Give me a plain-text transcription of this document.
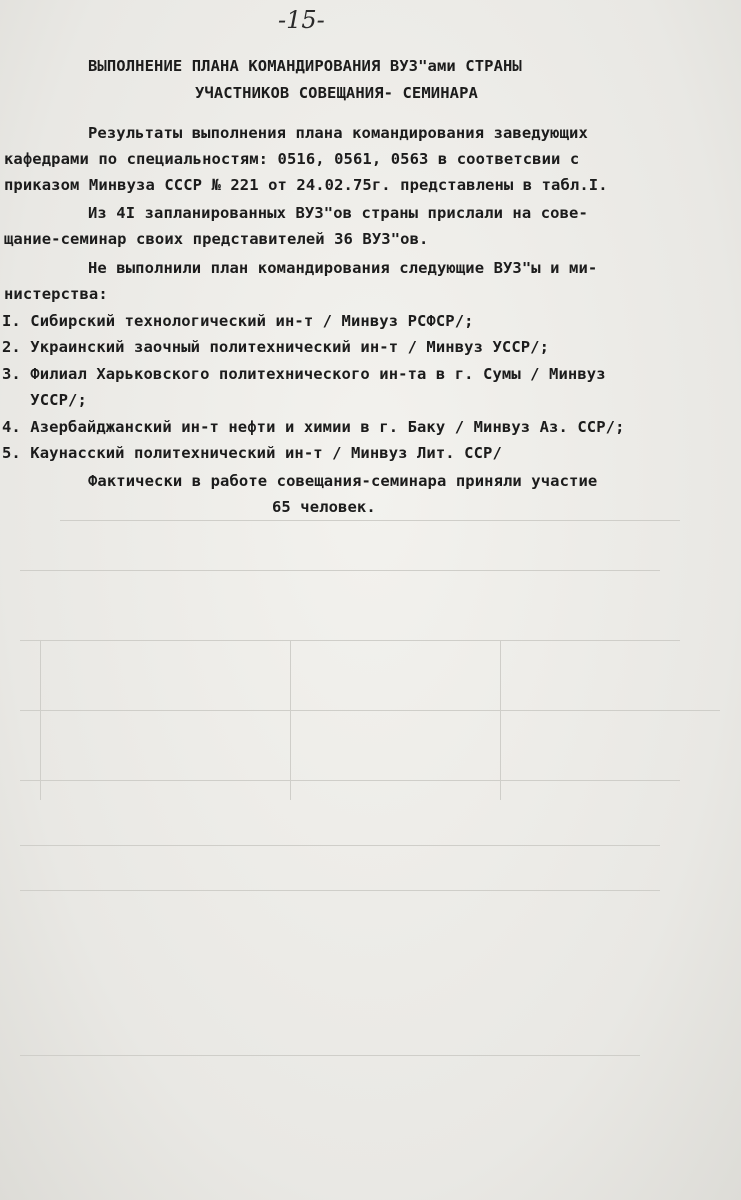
-15-
ВЫПОЛНЕНИЕ ПЛАНА КОМАНДИРОВАНИЯ ВУЗ"ами СТРАНЫ
УЧАСТНИКОВ СОВЕЩАНИЯ- СЕМИНАРА
Результаты выполнения плана командирования заведующих
кафедрами по специальностям: 0516, 0561, 0563 в соответсвии с
приказом Минвуза СССР № 221 от 24.02.75г. представлены в табл.I.
Из 4I запланированных ВУЗ"ов страны прислали на сове-
щание-семинар своих представителей 36 ВУЗ"ов.
Не выполнили план командирования следующие ВУЗ"ы и ми-
нистерства:
I. Сибирский технологический ин-т / Минвуз РСФСР/;
2. Украинский заочный политехнический ин-т / Минвуз УССР/;
3. Филиал Харьковского политехнического ин-та в г. Сумы / Минвуз
УССР/;
4. Азербайджанский ин-т нефти и химии в г. Баку / Минвуз Аз. ССР/;
5. Каунасский политехнический ин-т / Минвуз Лит. ССР/
Фактически в работе совещания-семинара приняли участие
65 человек.
